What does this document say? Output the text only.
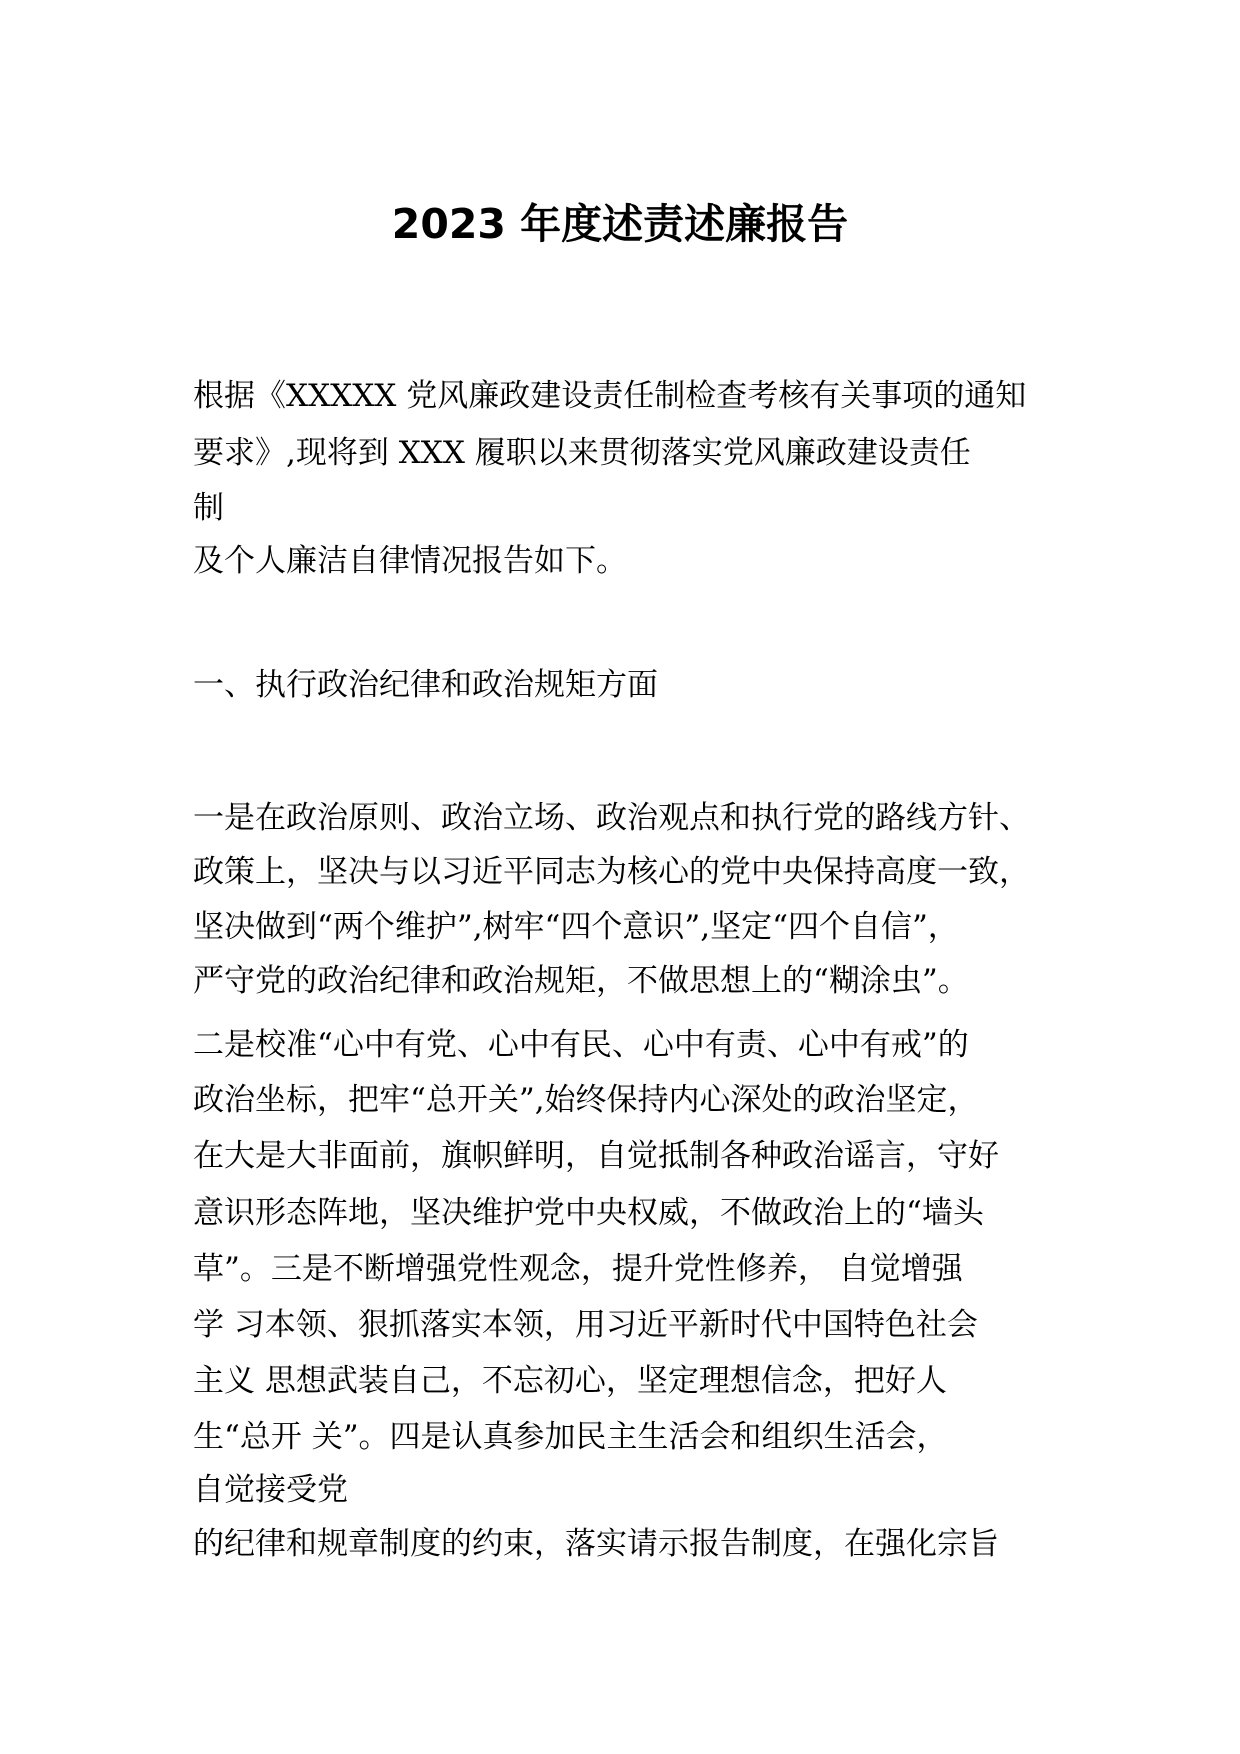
2023 年度述责述廉报告
根据《XXXXX 党风廉政建设责任制检查考核有关事项的通知
要求》,现将到 XXX 履职以来贯彻落实党风廉政建设责任
制
及个人廉洁自律情况报告如下。
一、执行政治纪律和政治规矩方面
一是在政治原则、政治立场、政治观点和执行党的路线方针、
政策上，坚决与以习近平同志为核心的党中央保持高度一致，
坚决做到“两个维护”,树牢“四个意识”,坚定“四个自信”，
严守党的政治纪律和政治规矩，不做思想上的“糊涂虫”。
二是校准“心中有党、心中有民、心中有责、心中有戒”的
政治坐标，把牢“总开关”,始终保持内心深处的政治坚定，
在大是大非面前，旗帜鲜明，自觉抵制各种政治谣言，守好
意识形态阵地，坚决维护党中央权威，不做政治上的“墙头
草”。三是不断增强党性观念，提升党性修养， 自觉增强
学 习本领、狠抓落实本领，用习近平新时代中国特色社会
主义 思想武装自己，不忘初心，坚定理想信念，把好人
生“总开 关”。四是认真参加民主生活会和组织生活会，
自觉接受党
的纪律和规章制度的约束，落实请示报告制度，在强化宗旨
